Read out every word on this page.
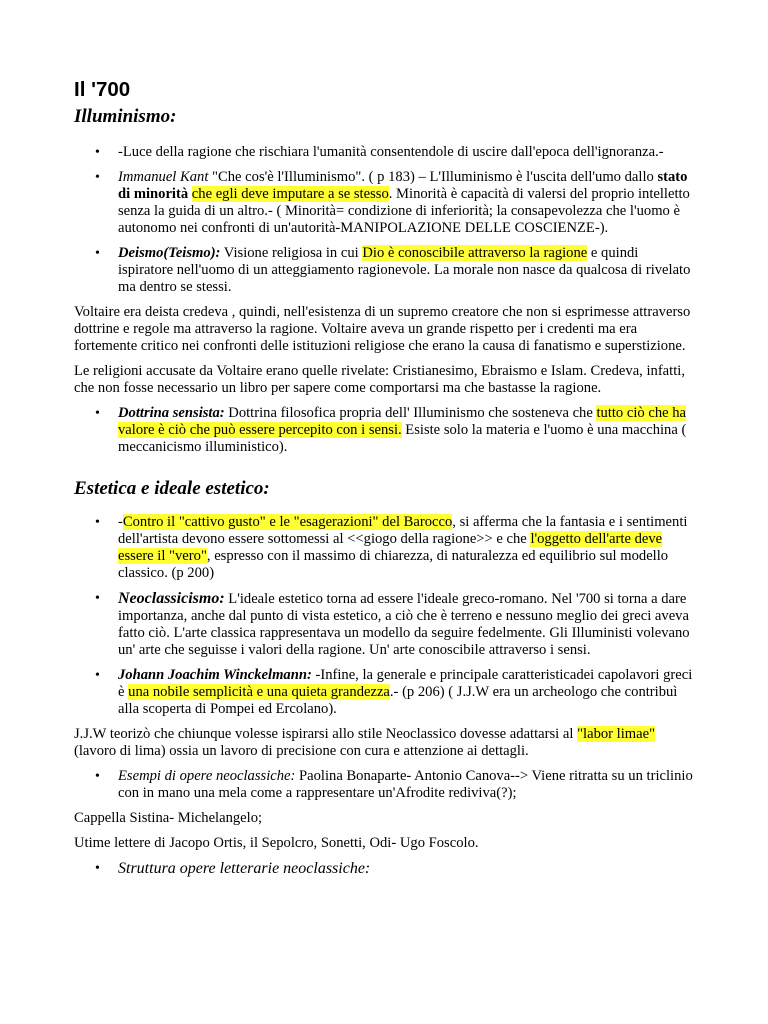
Il '700
Illuminismo:
• -Luce della ragione che rischiara l'umanità consentendole di uscire dall'epoca dell'ignoranza.-
• Immanuel Kant "Che cos'è l'Illuminismo". ( p 183) – L'Illuminismo è l'uscita dell'umo dallo stato di minorità che egli deve imputare a se stesso. Minorità è capacità di valersi del proprio intelletto senza la guida di un altro.- ( Minorità= condizione di inferiorità; la consapevolezza che l'uomo è autonomo nei confronti di un'autorità-MANIPOLAZIONE DELLE COSCIENZE-).
• Deismo(Teismo): Visione religiosa in cui Dio è conoscibile attraverso la ragione e quindi ispiratore nell'uomo di un atteggiamento ragionevole. La morale non nasce da qualcosa di rivelato ma dentro se stessi.

Voltaire era deista credeva , quindi, nell'esistenza di un supremo creatore che non si esprimesse attraverso dottrine e regole ma attraverso la ragione. Voltaire aveva un grande rispetto per i credenti ma era fortemente critico nei confronti delle istituzioni religiose che erano la causa di fanatismo e superstizione.

Le religioni accusate da Voltaire erano quelle rivelate: Cristianesimo, Ebraismo e Islam. Credeva, infatti, che non fosse necessario un libro per sapere come comportarsi ma che bastasse la ragione.

• Dottrina sensista: Dottrina filosofica propria dell' Illuminismo che sosteneva che tutto ciò che ha valore è ciò che può essere percepito con i sensi. Esiste solo la materia e l'uomo è una macchina ( meccanicismo illuministico).
Estetica e ideale estetico:
• -Contro il "cattivo gusto" e le "esagerazioni" del Barocco, si afferma che la fantasia e i sentimenti dell'artista devono essere sottomessi al <<giogo della ragione>> e che l'oggetto dell'arte deve essere il "vero", espresso con il massimo di chiarezza, di naturalezza ed equilibrio sul modello classico. (p 200)
• Neoclassicismo: L'ideale estetico torna ad essere l'ideale greco-romano. Nel '700 si torna a dare importanza, anche dal punto di vista estetico, a ciò che è terreno e nessuno meglio dei greci aveva fatto ciò. L'arte classica rappresentava un modello da seguire fedelmente. Gli Illuministi volevano un' arte che seguisse i valori della ragione. Un' arte conoscibile attraverso i sensi.
• Johann Joachim Winckelmann: -Infine, la generale e principale caratteristicadei capolavori greci è una nobile semplicità e una quieta grandezza.- (p 206) ( J.J.W era un archeologo che contribuì alla scoperta di Pompei ed Ercolano).

J.J.W teorizò che chiunque volesse ispirarsi allo stile Neoclassico dovesse adattarsi al "labor limae" (lavoro di lima) ossia un lavoro di precisione con cura e attenzione ai dettagli.

• Esempi di opere neoclassiche: Paolina Bonaparte- Antonio Canova--> Viene ritratta su un triclinio con in mano una mela come a rappresentare un'Afrodite rediviva(?);

Cappella Sistina- Michelangelo;

Utime lettere di Jacopo Ortis, il Sepolcro, Sonetti, Odi- Ugo Foscolo.

• Struttura opere letterarie neoclassiche:
